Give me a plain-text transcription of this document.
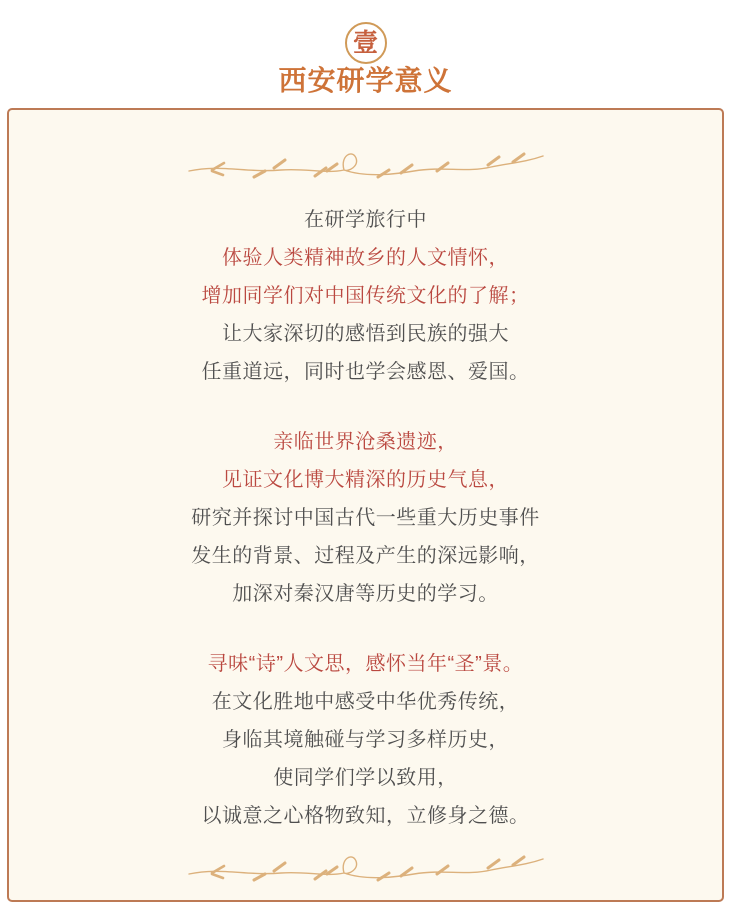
壹
西安研学意义
在研学旅行中
体验人类精神故乡的人文情怀，
增加同学们对中国传统文化的了解；
让大家深切的感悟到民族的强大
任重道远，同时也学会感恩、爱国。
亲临世界沧桑遗迹，
见证文化博大精深的历史气息，
研究并探讨中国古代一些重大历史事件
发生的背景、过程及产生的深远影响，
加深对秦汉唐等历史的学习。
寻味“诗”人文思，感怀当年“圣”景。
在文化胜地中感受中华优秀传统，
身临其境触碰与学习多样历史，
使同学们学以致用，
以诚意之心格物致知，立修身之德。
